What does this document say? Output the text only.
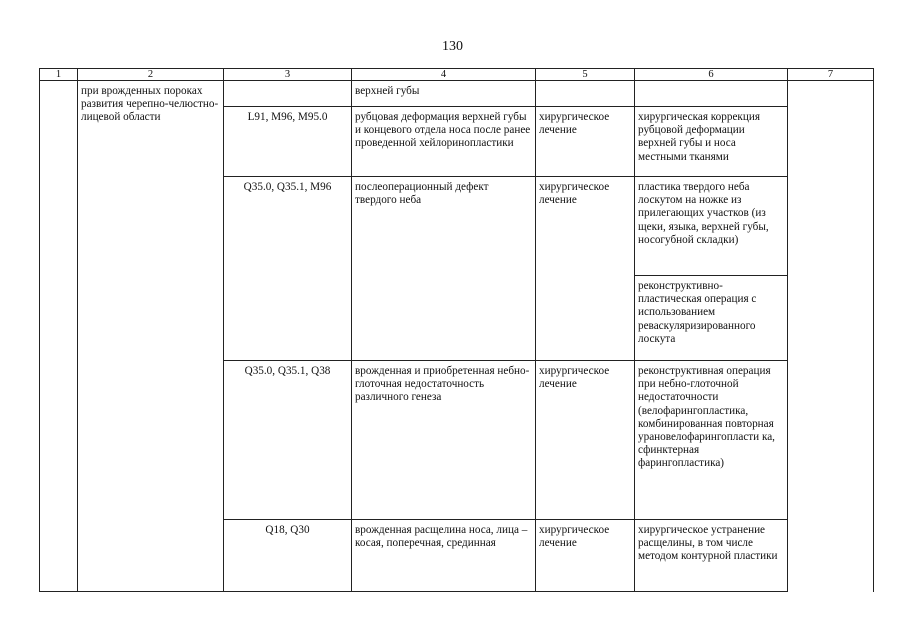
130
1	2	3	4	5	6	7
	при врожденных пороках развития черепно-челюстно-лицевой области		верхней губы			
		L91, M96, M95.0	рубцовая деформация верхней губы и концевого отдела носа после ранее проведенной хейлоринопластики	хирургическое лечение	хирургическая коррекция рубцовой деформации верхней губы и носа местными тканями	
		Q35.0, Q35.1, M96	послеоперационный дефект твердого неба	хирургическое лечение	пластика твердого неба лоскутом на ножке из прилегающих участков (из щеки, языка, верхней губы, носогубной складки)	
					реконструктивно-пластическая операция с использованием реваскуляризированного лоскута	
		Q35.0, Q35.1, Q38	врожденная и приобретенная небно-глоточная недостаточность различного генеза	хирургическое лечение	реконструктивная операция при небно-глоточной недостаточности (велофарингопластика, комбинированная повторная урановелофарингопласти ка, сфинктерная фарингопластика)	
		Q18, Q30	врожденная расщелина носа, лица – косая, поперечная, срединная	хирургическое лечение	хирургическое устранение расщелины, в том числе методом контурной пластики	
